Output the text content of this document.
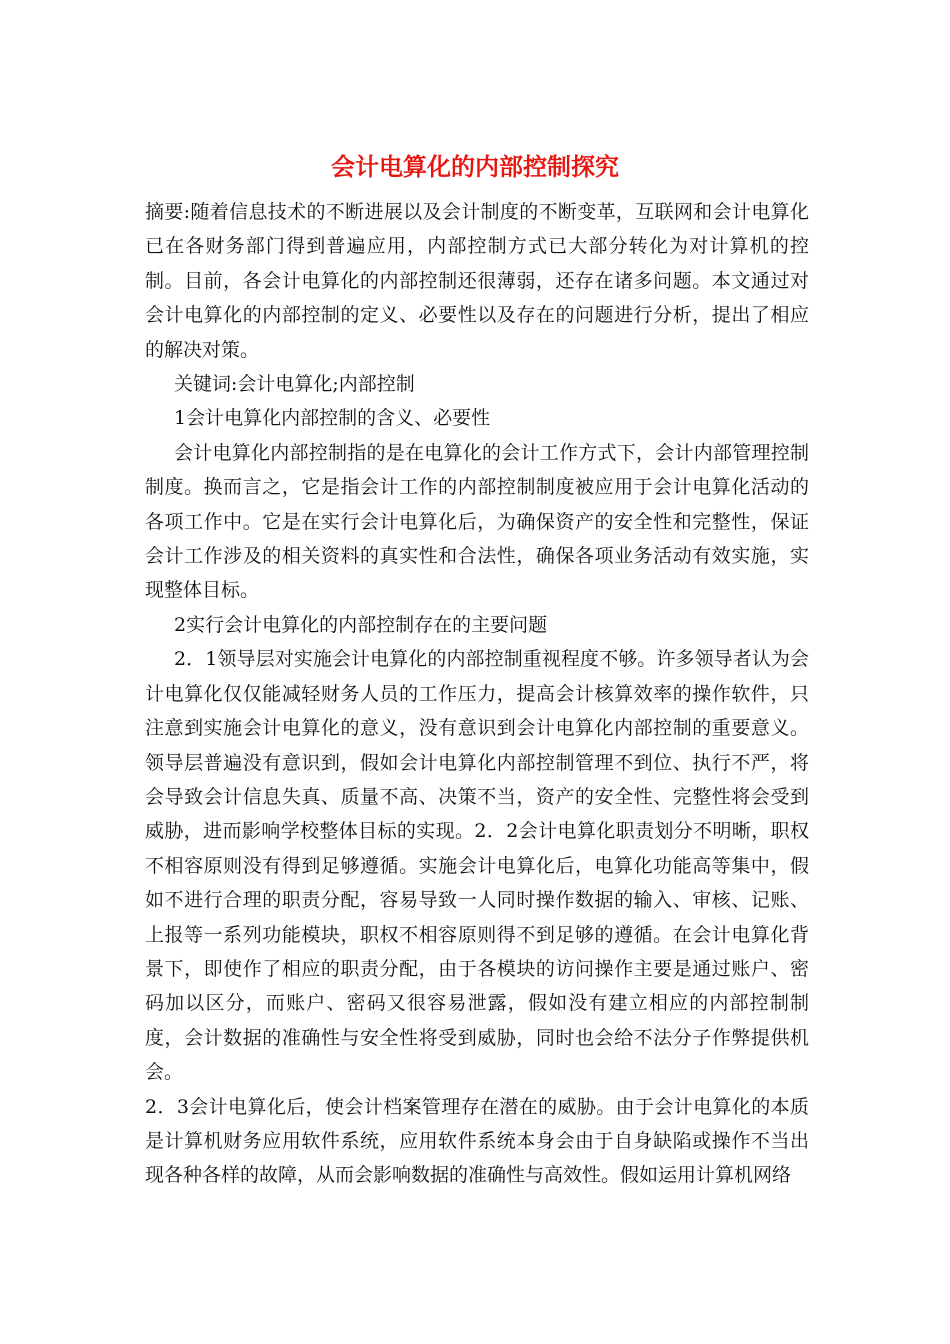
会计电算化的内部控制探究

摘要:随着信息技术的不断进展以及会计制度的不断变革，互联网和会计电算化已在各财务部门得到普遍应用，内部控制方式已大部分转化为对计算机的控制。目前，各会计电算化的内部控制还很薄弱，还存在诸多问题。本文通过对会计电算化的内部控制的定义、必要性以及存在的问题进行分析，提出了相应的解决对策。

关键词:会计电算化;内部控制

1会计电算化内部控制的含义、必要性

会计电算化内部控制指的是在电算化的会计工作方式下，会计内部管理控制制度。换而言之，它是指会计工作的内部控制制度被应用于会计电算化活动的各项工作中。它是在实行会计电算化后，为确保资产的安全性和完整性，保证会计工作涉及的相关资料的真实性和合法性，确保各项业务活动有效实施，实现整体目标。

2实行会计电算化的内部控制存在的主要问题

2．1领导层对实施会计电算化的内部控制重视程度不够。许多领导者认为会计电算化仅仅能减轻财务人员的工作压力，提高会计核算效率的操作软件，只注意到实施会计电算化的意义，没有意识到会计电算化内部控制的重要意义。领导层普遍没有意识到，假如会计电算化内部控制管理不到位、执行不严，将会导致会计信息失真、质量不高、决策不当，资产的安全性、完整性将会受到威胁，进而影响学校整体目标的实现。2．2会计电算化职责划分不明晰，职权不相容原则没有得到足够遵循。实施会计电算化后，电算化功能高等集中，假如不进行合理的职责分配，容易导致一人同时操作数据的输入、审核、记账、上报等一系列功能模块，职权不相容原则得不到足够的遵循。在会计电算化背景下，即使作了相应的职责分配，由于各模块的访问操作主要是通过账户、密码加以区分，而账户、密码又很容易泄露，假如没有建立相应的内部控制制度，会计数据的准确性与安全性将受到威胁，同时也会给不法分子作弊提供机会。

2．3会计电算化后，使会计档案管理存在潜在的威胁。由于会计电算化的本质是计算机财务应用软件系统，应用软件系统本身会由于自身缺陷或操作不当出现各种各样的故障，从而会影响数据的准确性与高效性。假如运用计算机网络
